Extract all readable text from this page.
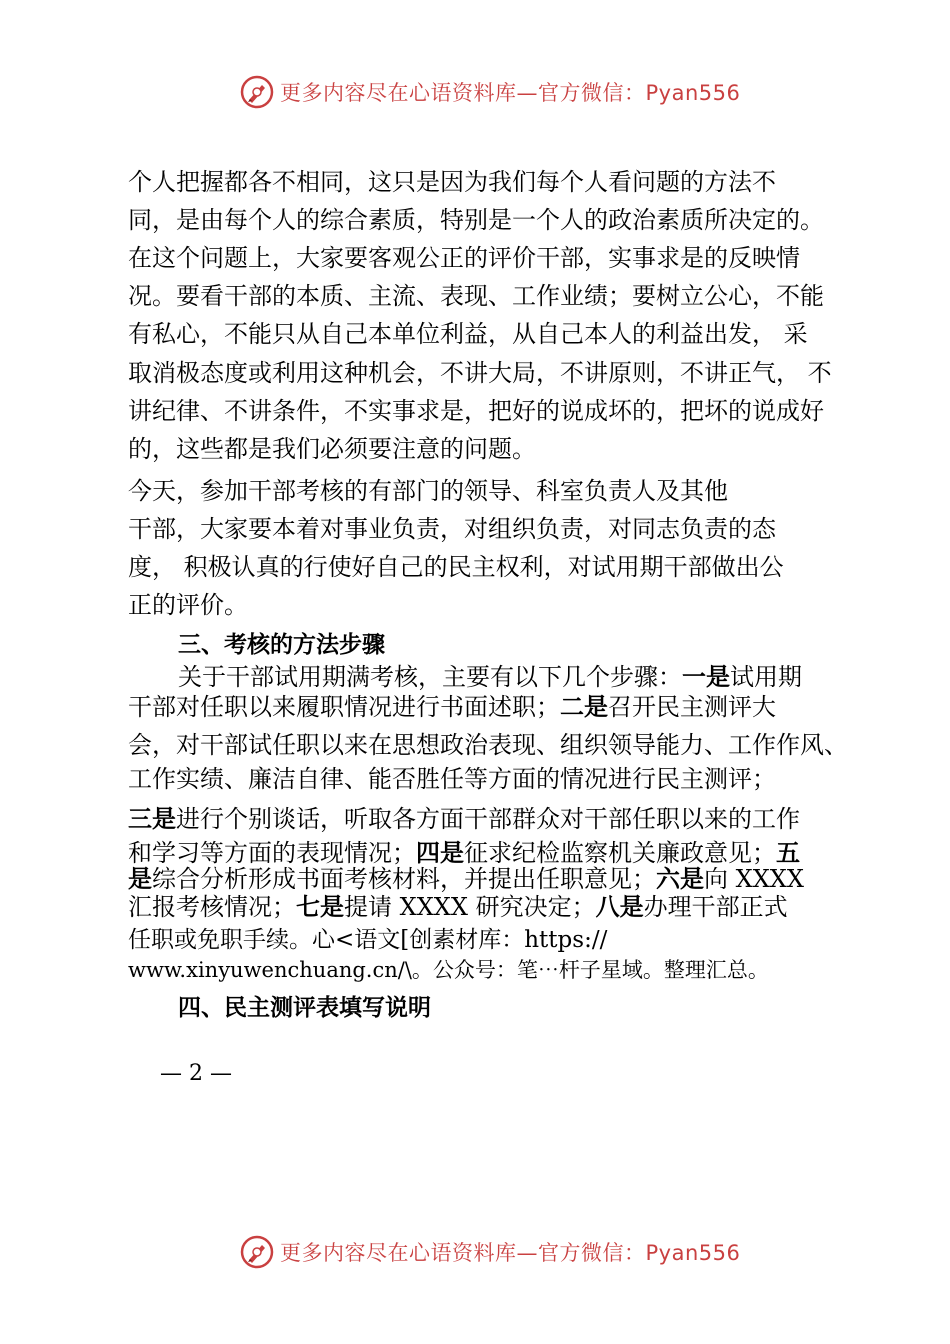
更多内容尽在心语资料库—官方微信：Pyan556
个人把握都各不相同，这只是因为我们每个人看问题的方法不
同，是由每个人的综合素质，特别是一个人的政治素质所决定的。
在这个问题上，大家要客观公正的评价干部，实事求是的反映情
况。要看干部的本质、主流、表现、工作业绩；要树立公心，不能
有私心，不能只从自己本单位利益，从自己本人的利益出发， 采
取消极态度或利用这种机会，不讲大局，不讲原则，不讲正气， 不
讲纪律、不讲条件，不实事求是，把好的说成坏的，把坏的说成好
的，这些都是我们必须要注意的问题。
今天，参加干部考核的有部门的领导、科室负责人及其他
干部，大家要本着对事业负责，对组织负责，对同志负责的态
度， 积极认真的行使好自己的民主权利，对试用期干部做出公
正的评价。
三、考核的方法步骤
关于干部试用期满考核，主要有以下几个步骤：一是试用期
干部对任职以来履职情况进行书面述职；二是召开民主测评大
会，对干部试任职以来在思想政治表现、组织领导能力、工作作风、
工作实绩、廉洁自律、能否胜任等方面的情况进行民主测评；
三是进行个别谈话，听取各方面干部群众对干部任职以来的工作
和学习等方面的表现情况；四是征求纪检监察机关廉政意见；五
是综合分析形成书面考核材料，并提出任职意见；六是向 XXXX
汇报考核情况；七是提请 XXXX 研究决定；八是办理干部正式
任职或免职手续。心<语文[创素材库：https://
www.xinyuwenchuang.cn/\。公众号：笔⋯杆子星域。整理汇总。
四、民主测评表填写说明
— 2 —
更多内容尽在心语资料库—官方微信：Pyan556
